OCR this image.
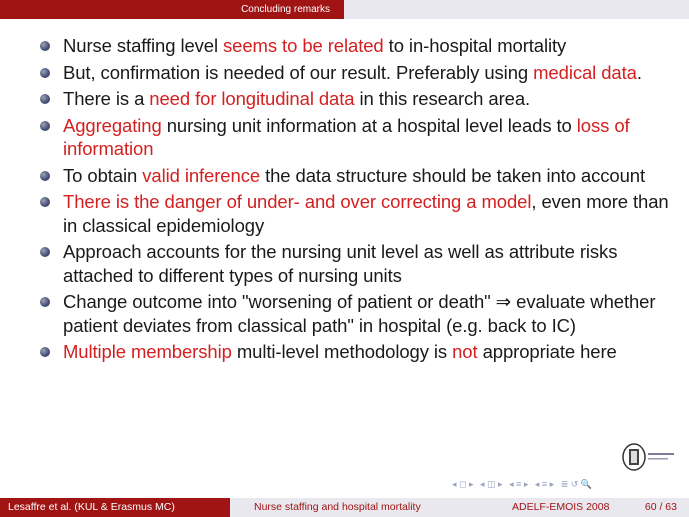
Concluding remarks
Nurse staffing level seems to be related to in-hospital mortality
But, confirmation is needed of our result. Preferably using medical data.
There is a need for longitudinal data in this research area.
Aggregating nursing unit information at a hospital level leads to loss of information
To obtain valid inference the data structure should be taken into account
There is the danger of under- and over correcting a model, even more than in classical epidemiology
Approach accounts for the nursing unit level as well as attribute risks attached to different types of nursing units
Change outcome into "worsening of patient or death" ⇒ evaluate whether patient deviates from classical path" in hospital (e.g. back to IC)
Multiple membership multi-level methodology is not appropriate here
◂ ◻ ▸ ◂ ◫ ▸ ◂ ≡ ▸ ◂ ≡ ▸ ≣ ↺ 🔍
Lesaffre et al. (KUL & Erasmus MC)	Nurse staffing and hospital mortality	ADELF-EMOIS 2008	60 / 63
